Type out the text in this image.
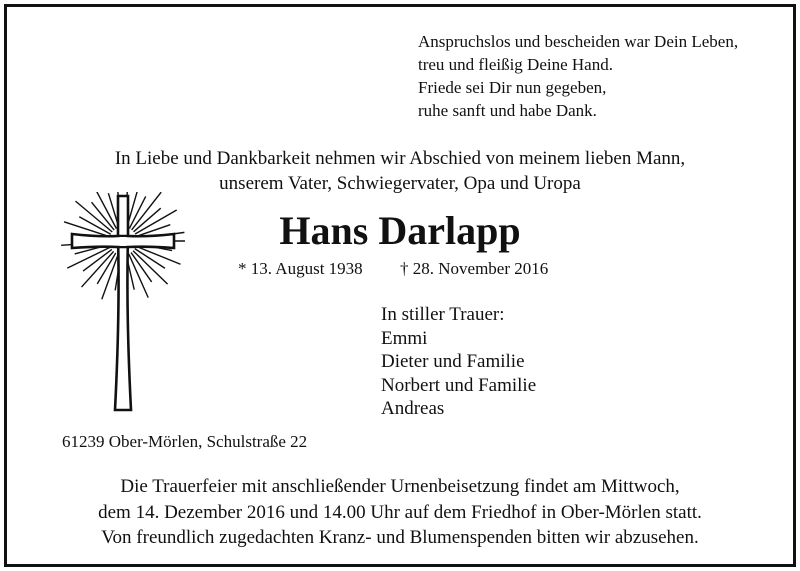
Anspruchslos und bescheiden war Dein Leben,
treu und fleißig Deine Hand.
Friede sei Dir nun gegeben,
ruhe sanft und habe Dank.
In Liebe und Dankbarkeit nehmen wir Abschied von meinem lieben Mann,
unserem Vater, Schwiegervater, Opa und Uropa
Hans Darlapp
* 13. August 1938 † 28. November 2016
In stiller Trauer:
Emmi
Dieter und Familie
Norbert und Familie
Andreas
61239 Ober-Mörlen, Schulstraße 22
Die Trauerfeier mit anschließender Urnenbeisetzung findet am Mittwoch,
dem 14. Dezember 2016 und 14.00 Uhr auf dem Friedhof in Ober-Mörlen statt.
Von freundlich zugedachten Kranz- und Blumenspenden bitten wir abzusehen.
